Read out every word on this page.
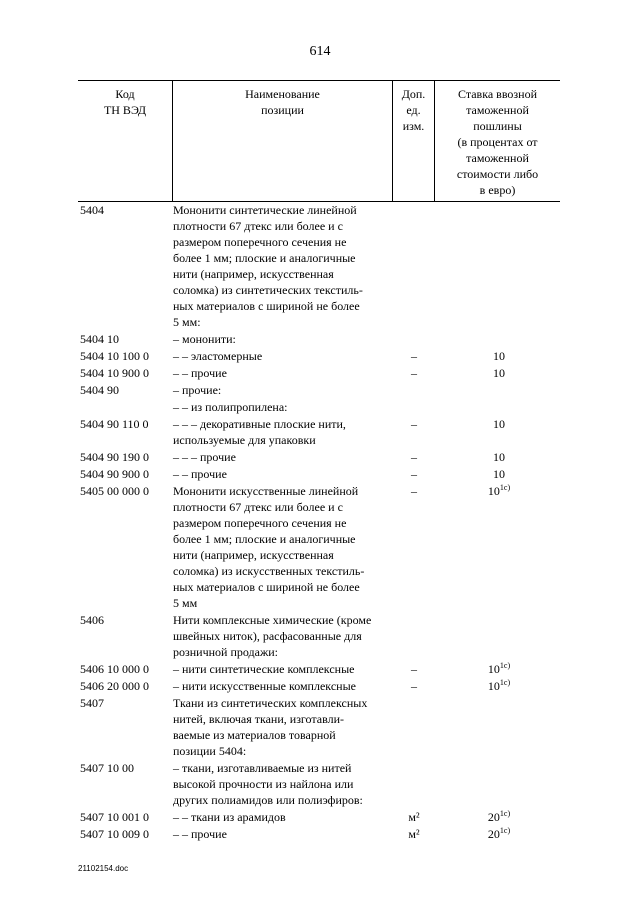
614
Код
ТН ВЭД
Наименование
позиции
Доп.
ед.
изм.
Ставка ввозной
таможенной
пошлины
(в процентах от
таможенной
стоимости либо
в евро)
5404	Мононити синтетические линейной
плотности 67 дтекс или более и с
размером поперечного сечения не
более 1 мм; плоские и аналогичные
нити (например, искусственная
соломка) из синтетических текстиль-
ных материалов с шириной не более
5 мм:
5404 10	– мононити:
5404 10 100 0	– – эластомерные	–	10
5404 10 900 0	– – прочие	–	10
5404 90	– прочие:
– – из полипропилена:
5404 90 110 0	– – – декоративные плоские нити,
используемые для упаковки
–	10
5404 90 190 0	– – – прочие	–	10
5404 90 900 0	– – прочие	–	10
5405 00 000 0	Мононити искусственные линейной
плотности 67 дтекс или более и с
размером поперечного сечения не
более 1 мм; плоские и аналогичные
нити (например, искусственная
соломка) из искусственных текстиль-
ных материалов с шириной не более
5 мм
–	$10^{1c)}$
5406	Нити комплексные химические (кроме
швейных ниток), расфасованные для
розничной продажи:
5406 10 000 0	– нити синтетические комплексные	–	$10^{1c)}$
5406 20 000 0	– нити искусственные комплексные	–	$10^{1c)}$
5407	Ткани из синтетических комплексных
нитей, включая ткани, изготавли-
ваемые из материалов товарной
позиции 5404:
5407 10 00	– ткани, изготавливаемые из нитей
высокой прочности из найлона или
других полиамидов или полиэфиров:
5407 10 001 0	– – ткани из арамидов	м²	$20^{1c)}$
5407 10 009 0	– – прочие	м²	$20^{1c)}$
21102154.doc
